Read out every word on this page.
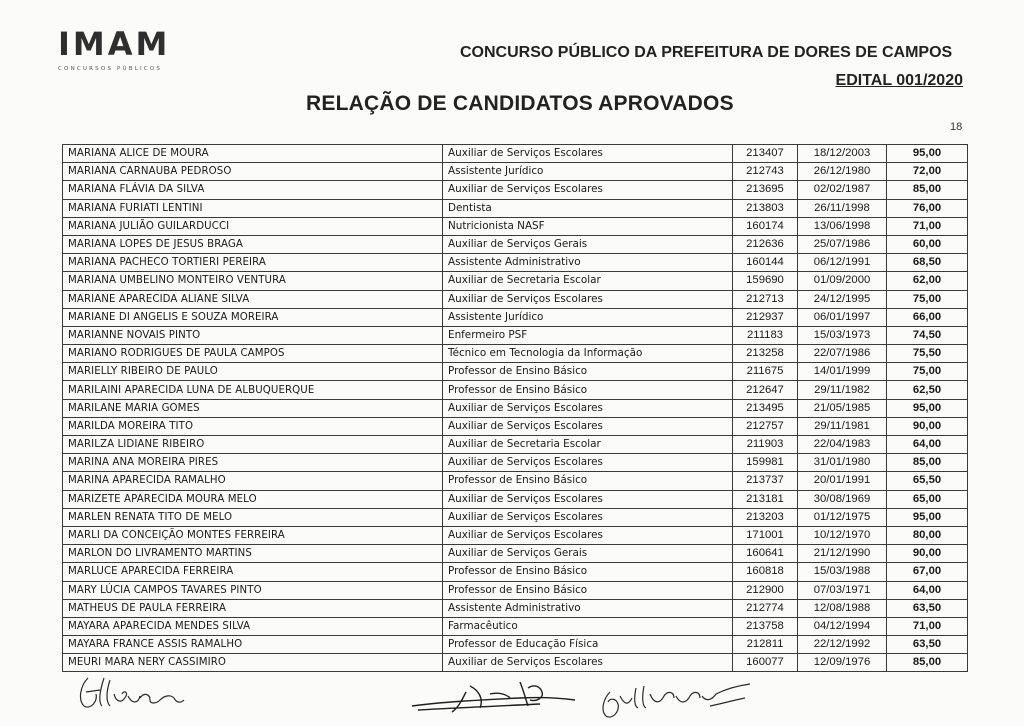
IMAM
CONCURSOS PÚBLICOS
CONCURSO PÚBLICO DA PREFEITURA DE DORES DE CAMPOS
EDITAL 001/2020
RELAÇÃO DE CANDIDATOS APROVADOS
18
MARIANA ALICE DE MOURA	Auxiliar de Serviços Escolares	213407	18/12/2003	95,00
MARIANA CARNAUBA PEDROSO	Assistente Jurídico	212743	26/12/1980	72,00
MARIANA FLÁVIA DA SILVA	Auxiliar de Serviços Escolares	213695	02/02/1987	85,00
MARIANA FURIATI LENTINI	Dentista	213803	26/11/1998	76,00
MARIANA JULIÃO GUILARDUCCI	Nutricionista NASF	160174	13/06/1998	71,00
MARIANA LOPES DE JESUS BRAGA	Auxiliar de Serviços Gerais	212636	25/07/1986	60,00
MARIANA PACHECO TORTIERI PEREIRA	Assistente Administrativo	160144	06/12/1991	68,50
MARIANA UMBELINO MONTEIRO VENTURA	Auxiliar de Secretaria Escolar	159690	01/09/2000	62,00
MARIANE APARECIDA ALIANE SILVA	Auxiliar de Serviços Escolares	212713	24/12/1995	75,00
MARIANE DI ANGELIS E SOUZA MOREIRA	Assistente Jurídico	212937	06/01/1997	66,00
MARIANNE NOVAIS PINTO	Enfermeiro PSF	211183	15/03/1973	74,50
MARIANO RODRIGUES DE PAULA CAMPOS	Técnico em Tecnologia da Informação	213258	22/07/1986	75,50
MARIELLY RIBEIRO DE PAULO	Professor de Ensino Básico	211675	14/01/1999	75,00
MARILAINI APARECIDA LUNA DE ALBUQUERQUE	Professor de Ensino Básico	212647	29/11/1982	62,50
MARILANE MARIA GOMES	Auxiliar de Serviços Escolares	213495	21/05/1985	95,00
MARILDA MOREIRA TITO	Auxiliar de Serviços Escolares	212757	29/11/1981	90,00
MARILZA LIDIANE RIBEIRO	Auxiliar de Secretaria Escolar	211903	22/04/1983	64,00
MARINA ANA MOREIRA PIRES	Auxiliar de Serviços Escolares	159981	31/01/1980	85,00
MARINA APARECIDA RAMALHO	Professor de Ensino Básico	213737	20/01/1991	65,50
MARIZETE APARECIDA MOURA MELO	Auxiliar de Serviços Escolares	213181	30/08/1969	65,00
MARLEN RENATA TITO DE MELO	Auxiliar de Serviços Escolares	213203	01/12/1975	95,00
MARLI DA CONCEIÇÃO MONTES FERREIRA	Auxiliar de Serviços Escolares	171001	10/12/1970	80,00
MARLON DO LIVRAMENTO MARTINS	Auxiliar de Serviços Gerais	160641	21/12/1990	90,00
MARLUCE APARECIDA FERREIRA	Professor de Ensino Básico	160818	15/03/1988	67,00
MARY LÚCIA CAMPOS TAVARES PINTO	Professor de Ensino Básico	212900	07/03/1971	64,00
MATHEUS DE PAULA FERREIRA	Assistente Administrativo	212774	12/08/1988	63,50
MAYARA APARECIDA MENDES SILVA	Farmacêutico	213758	04/12/1994	71,00
MAYARA FRANCE ASSIS RAMALHO	Professor de Educação Física	212811	22/12/1992	63,50
MEURI MARA NERY CASSIMIRO	Auxiliar de Serviços Escolares	160077	12/09/1976	85,00
